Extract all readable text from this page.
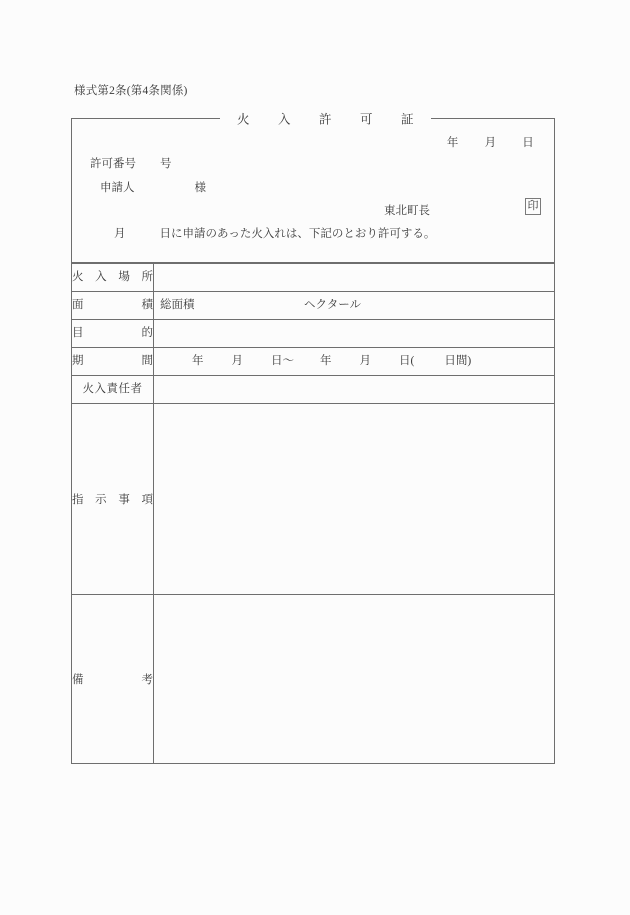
様式第2条(第4条関係)
火　入　許　可　証
年 月 日
許可番号 号
申請人	様
東北町長	印
月	日に申請のあった火入れは、下記のとおり許可する。
火 入 場 所	

面 積	総面積 ヘクタール

目 的	

期 間	年 月 日〜 年 月 日( 日間)

火入責任者	

指 示 事 項	

備 考	
